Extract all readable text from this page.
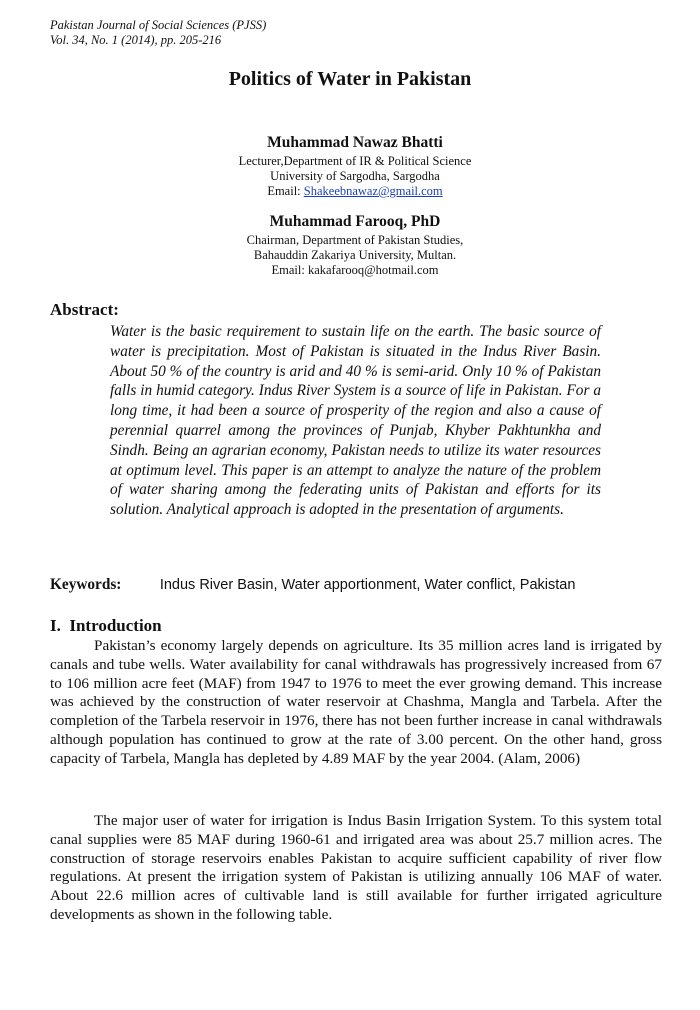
Pakistan Journal of Social Sciences (PJSS)
Vol. 34, No. 1 (2014), pp. 205-216
Politics of Water in Pakistan
Muhammad Nawaz Bhatti
Lecturer,Department of IR & Political Science
University of Sargodha, Sargodha
Email: Shakeebnawaz@gmail.com
Muhammad Farooq, PhD
Chairman, Department of Pakistan Studies,
Bahauddin Zakariya University, Multan.
Email: kakafarooq@hotmail.com
Abstract:
Water is the basic requirement to sustain life on the earth. The basic source of water is precipitation. Most of Pakistan is situated in the Indus River Basin. About 50 % of the country is arid and 40 % is semi-arid. Only 10 % of Pakistan falls in humid category. Indus River System is a source of life in Pakistan. For a long time, it had been a source of prosperity of the region and also a cause of perennial quarrel among the provinces of Punjab, Khyber Pakhtunkha and Sindh. Being an agrarian economy, Pakistan needs to utilize its water resources at optimum level. This paper is an attempt to analyze the nature of the problem of water sharing among the federating units of Pakistan and efforts for its solution. Analytical approach is adopted in the presentation of arguments.
Keywords:	Indus River Basin, Water apportionment, Water conflict, Pakistan
I.  Introduction
Pakistan’s economy largely depends on agriculture. Its 35 million acres land is irrigated by canals and tube wells. Water availability for canal withdrawals has progressively increased from 67 to 106 million acre feet (MAF) from 1947 to 1976 to meet the ever growing demand. This increase was achieved by the construction of water reservoir at Chashma, Mangla and Tarbela. After the completion of the Tarbela reservoir in 1976, there has not been further increase in canal withdrawals although population has continued to grow at the rate of 3.00 percent. On the other hand, gross capacity of Tarbela, Mangla has depleted by 4.89 MAF by the year 2004. (Alam, 2006)
The major user of water for irrigation is Indus Basin Irrigation System. To this system total canal supplies were 85 MAF during 1960-61 and irrigated area was about 25.7 million acres. The construction of storage reservoirs enables Pakistan to acquire sufficient capability of river flow regulations. At present the irrigation system of Pakistan is utilizing annually 106 MAF of water. About 22.6 million acres of cultivable land is still available for further irrigated agriculture developments as shown in the following table.
